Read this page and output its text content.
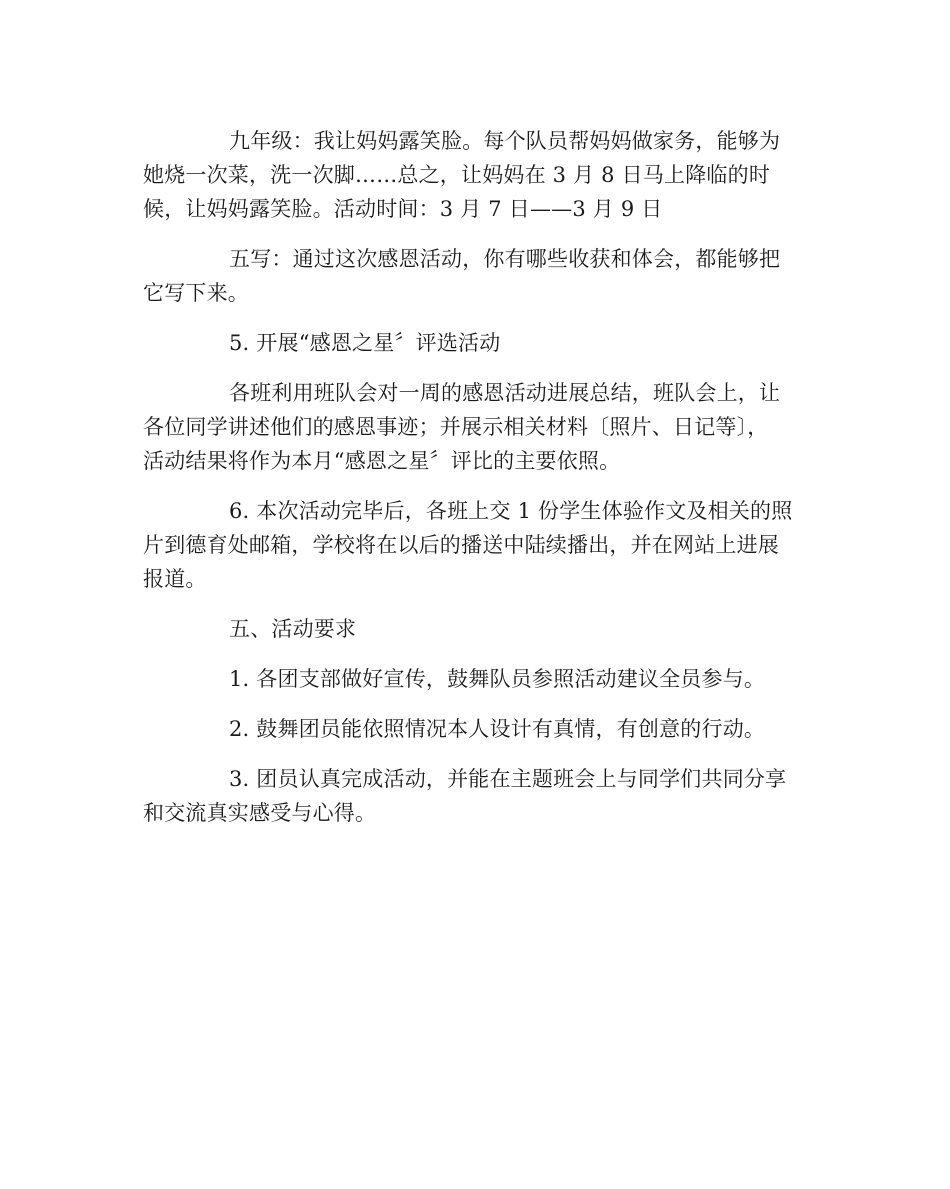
九年级：我让妈妈露笑脸。每个队员帮妈妈做家务，能够为
她烧一次菜，洗一次脚……总之，让妈妈在 3 月 8 日马上降临的时
候，让妈妈露笑脸。活动时间：3 月 7 日——3 月 9 日

五写：通过这次感恩活动，你有哪些收获和体会，都能够把
它写下来。

5. 开展“感恩之星〞评选活动

各班利用班队会对一周的感恩活动进展总结，班队会上，让
各位同学讲述他们的感恩事迹；并展示相关材料〔照片、日记等〕，
活动结果将作为本月“感恩之星〞评比的主要依照。

6. 本次活动完毕后，各班上交 1 份学生体验作文及相关的照
片到德育处邮箱，学校将在以后的播送中陆续播出，并在网站上进展
报道。

五、活动要求

1. 各团支部做好宣传，鼓舞队员参照活动建议全员参与。

2. 鼓舞团员能依照情况本人设计有真情，有创意的行动。

3. 团员认真完成活动，并能在主题班会上与同学们共同分享
和交流真实感受与心得。
